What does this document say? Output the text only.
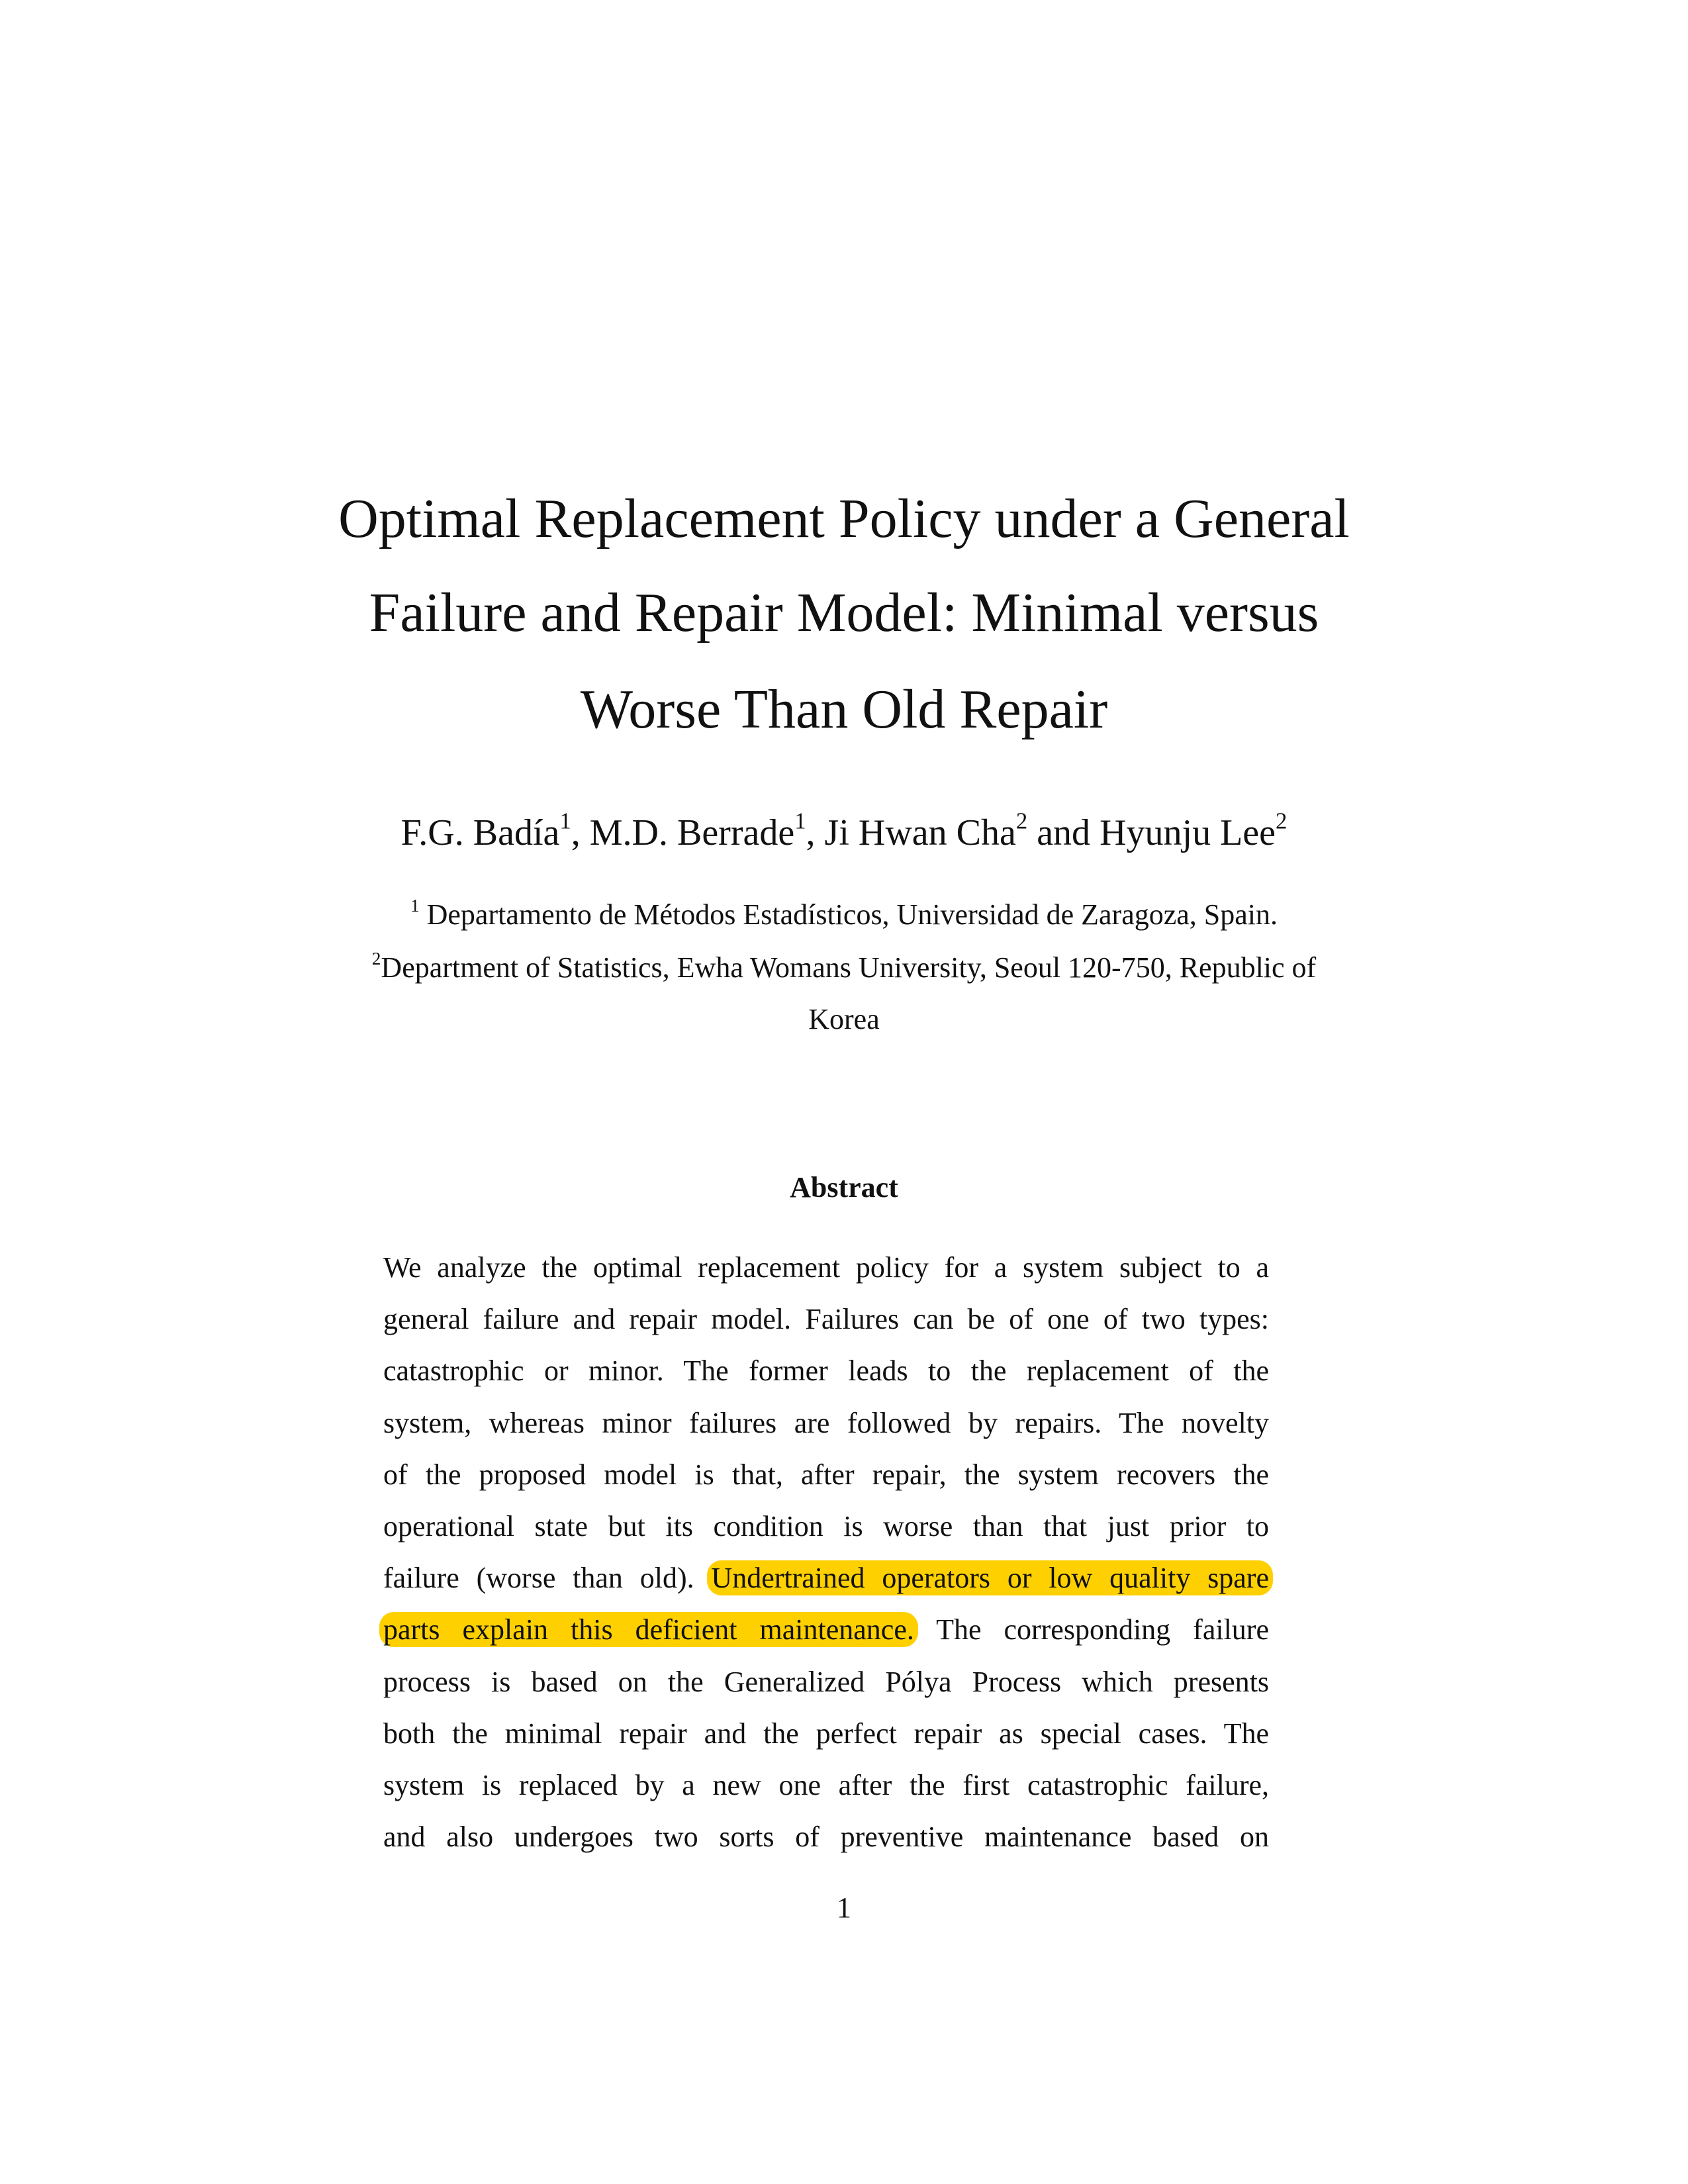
Optimal Replacement Policy under a General
Failure and Repair Model: Minimal versus
Worse Than Old Repair
F.G. Badía$^1$, M.D. Berrade$^1$, Ji Hwan Cha$^2$ and Hyunju Lee$^2$
$^1$ Departamento de Métodos Estadísticos, Universidad de Zaragoza, Spain.
$^2$Department of Statistics, Ewha Womans University, Seoul 120-750, Republic of
Korea
Abstract
We analyze the optimal replacement policy for a system subject to a
general failure and repair model. Failures can be of one of two types:
catastrophic or minor. The former leads to the replacement of the
system, whereas minor failures are followed by repairs. The novelty
of the proposed model is that, after repair, the system recovers the
operational state but its condition is worse than that just prior to
failure (worse than old). Undertrained operators or low quality spare
parts explain this deficient maintenance. The corresponding failure
process is based on the Generalized Pólya Process which presents
both the minimal repair and the perfect repair as special cases. The
system is replaced by a new one after the first catastrophic failure,
and also undergoes two sorts of preventive maintenance based on
1
